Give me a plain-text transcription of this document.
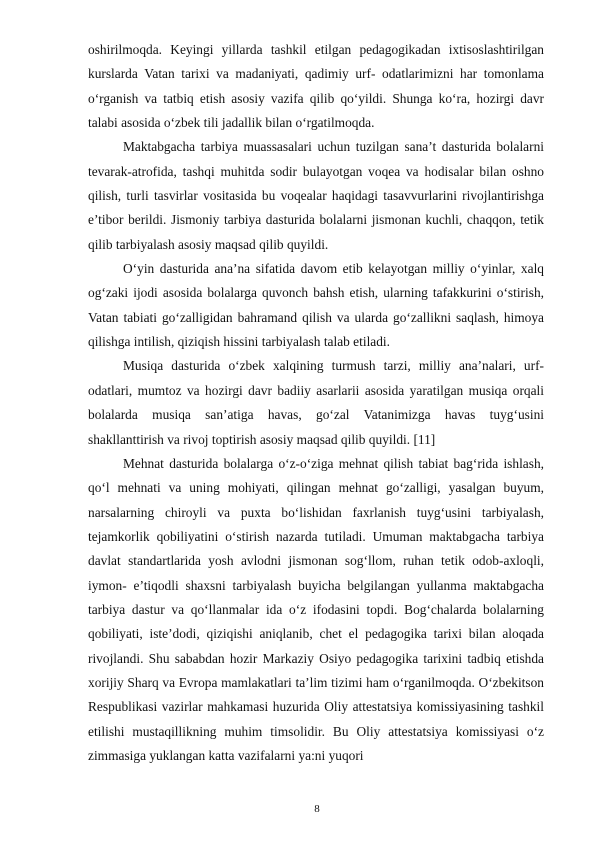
oshirilmoqda. Keyingi yillarda tashkil etilgan pedagogikadan ixtisoslashtirilgan kurslarda Vatan tarixi va madaniyati, qadimiy urf- odatlarimizni har tomonlama o‘rganish va tatbiq etish asosiy vazifa qilib qo‘yildi. Shunga ko‘ra, hozirgi davr talabi asosida o‘zbek tili jadallik bilan o‘rgatilmoqda.

Maktabgacha tarbiya muassasalari uchun tuzilgan sana’t dasturida bolalarni tevarak-atrofida, tashqi muhitda sodir bulayotgan voqea va hodisalar bilan oshno qilish, turli tasvirlar vositasida bu voqealar haqidagi tasavvurlarini rivojlantirishga e’tibor berildi. Jismoniy tarbiya dasturida bolalarni jismonan kuchli, chaqqon, tetik qilib tarbiyalash asosiy maqsad qilib quyildi.

O‘yin dasturida ana’na sifatida davom etib kelayotgan milliy o‘yinlar, xalq og‘zaki ijodi asosida bolalarga quvonch bahsh etish, ularning tafakkurini o‘stirish, Vatan tabiati go‘zalligidan bahramand qilish va ularda go‘zallikni saqlash, himoya qilishga intilish, qiziqish hissini tarbiyalash talab etiladi.

Musiqa dasturida o‘zbek xalqining turmush tarzi, milliy ana’nalari, urf-odatlari, mumtoz va hozirgi davr badiiy asarlarii asosida yaratilgan musiqa orqali bolalarda musiqa san’atiga havas, go‘zal Vatanimizga havas tuyg‘usini shakllanttirish va rivoj toptirish asosiy maqsad qilib quyildi. [11]

Mehnat dasturida bolalarga o‘z-o‘ziga mehnat qilish tabiat bag‘rida ishlash, qo‘l mehnati va uning mohiyati, qilingan mehnat go‘zalligi, yasalgan buyum, narsalarning chiroyli va puxta bo‘lishidan faxrlanish tuyg‘usini tarbiyalash, tejamkorlik qobiliyatini o‘stirish nazarda tutiladi. Umuman maktabgacha tarbiya davlat standartlarida yosh avlodni jismonan sog‘llom, ruhan tetik odob-axloqli, iymon- e’tiqodli shaxsni tarbiyalash buyicha belgilangan yullanma maktabgacha tarbiya dastur va qo‘llanmalar ida o‘z ifodasini topdi. Bog‘chalarda bolalarning qobiliyati, iste’dodi, qiziqishi aniqlanib, chet el pedagogika tarixi bilan aloqada rivojlandi. Shu sababdan hozir Markaziy Osiyo pedagogika tarixini tadbiq etishda xorijiy Sharq va Evropa mamlakatlari ta’lim tizimi ham o‘rganilmoqda. O‘zbekitson Respublikasi vazirlar mahkamasi huzurida Oliy attestatsiya komissiyasining tashkil etilishi mustaqillikning muhim timsolidir. Bu Oliy attestatsiya komissiyasi o‘z zimmasiga yuklangan katta vazifalarni ya:ni yuqori

8
